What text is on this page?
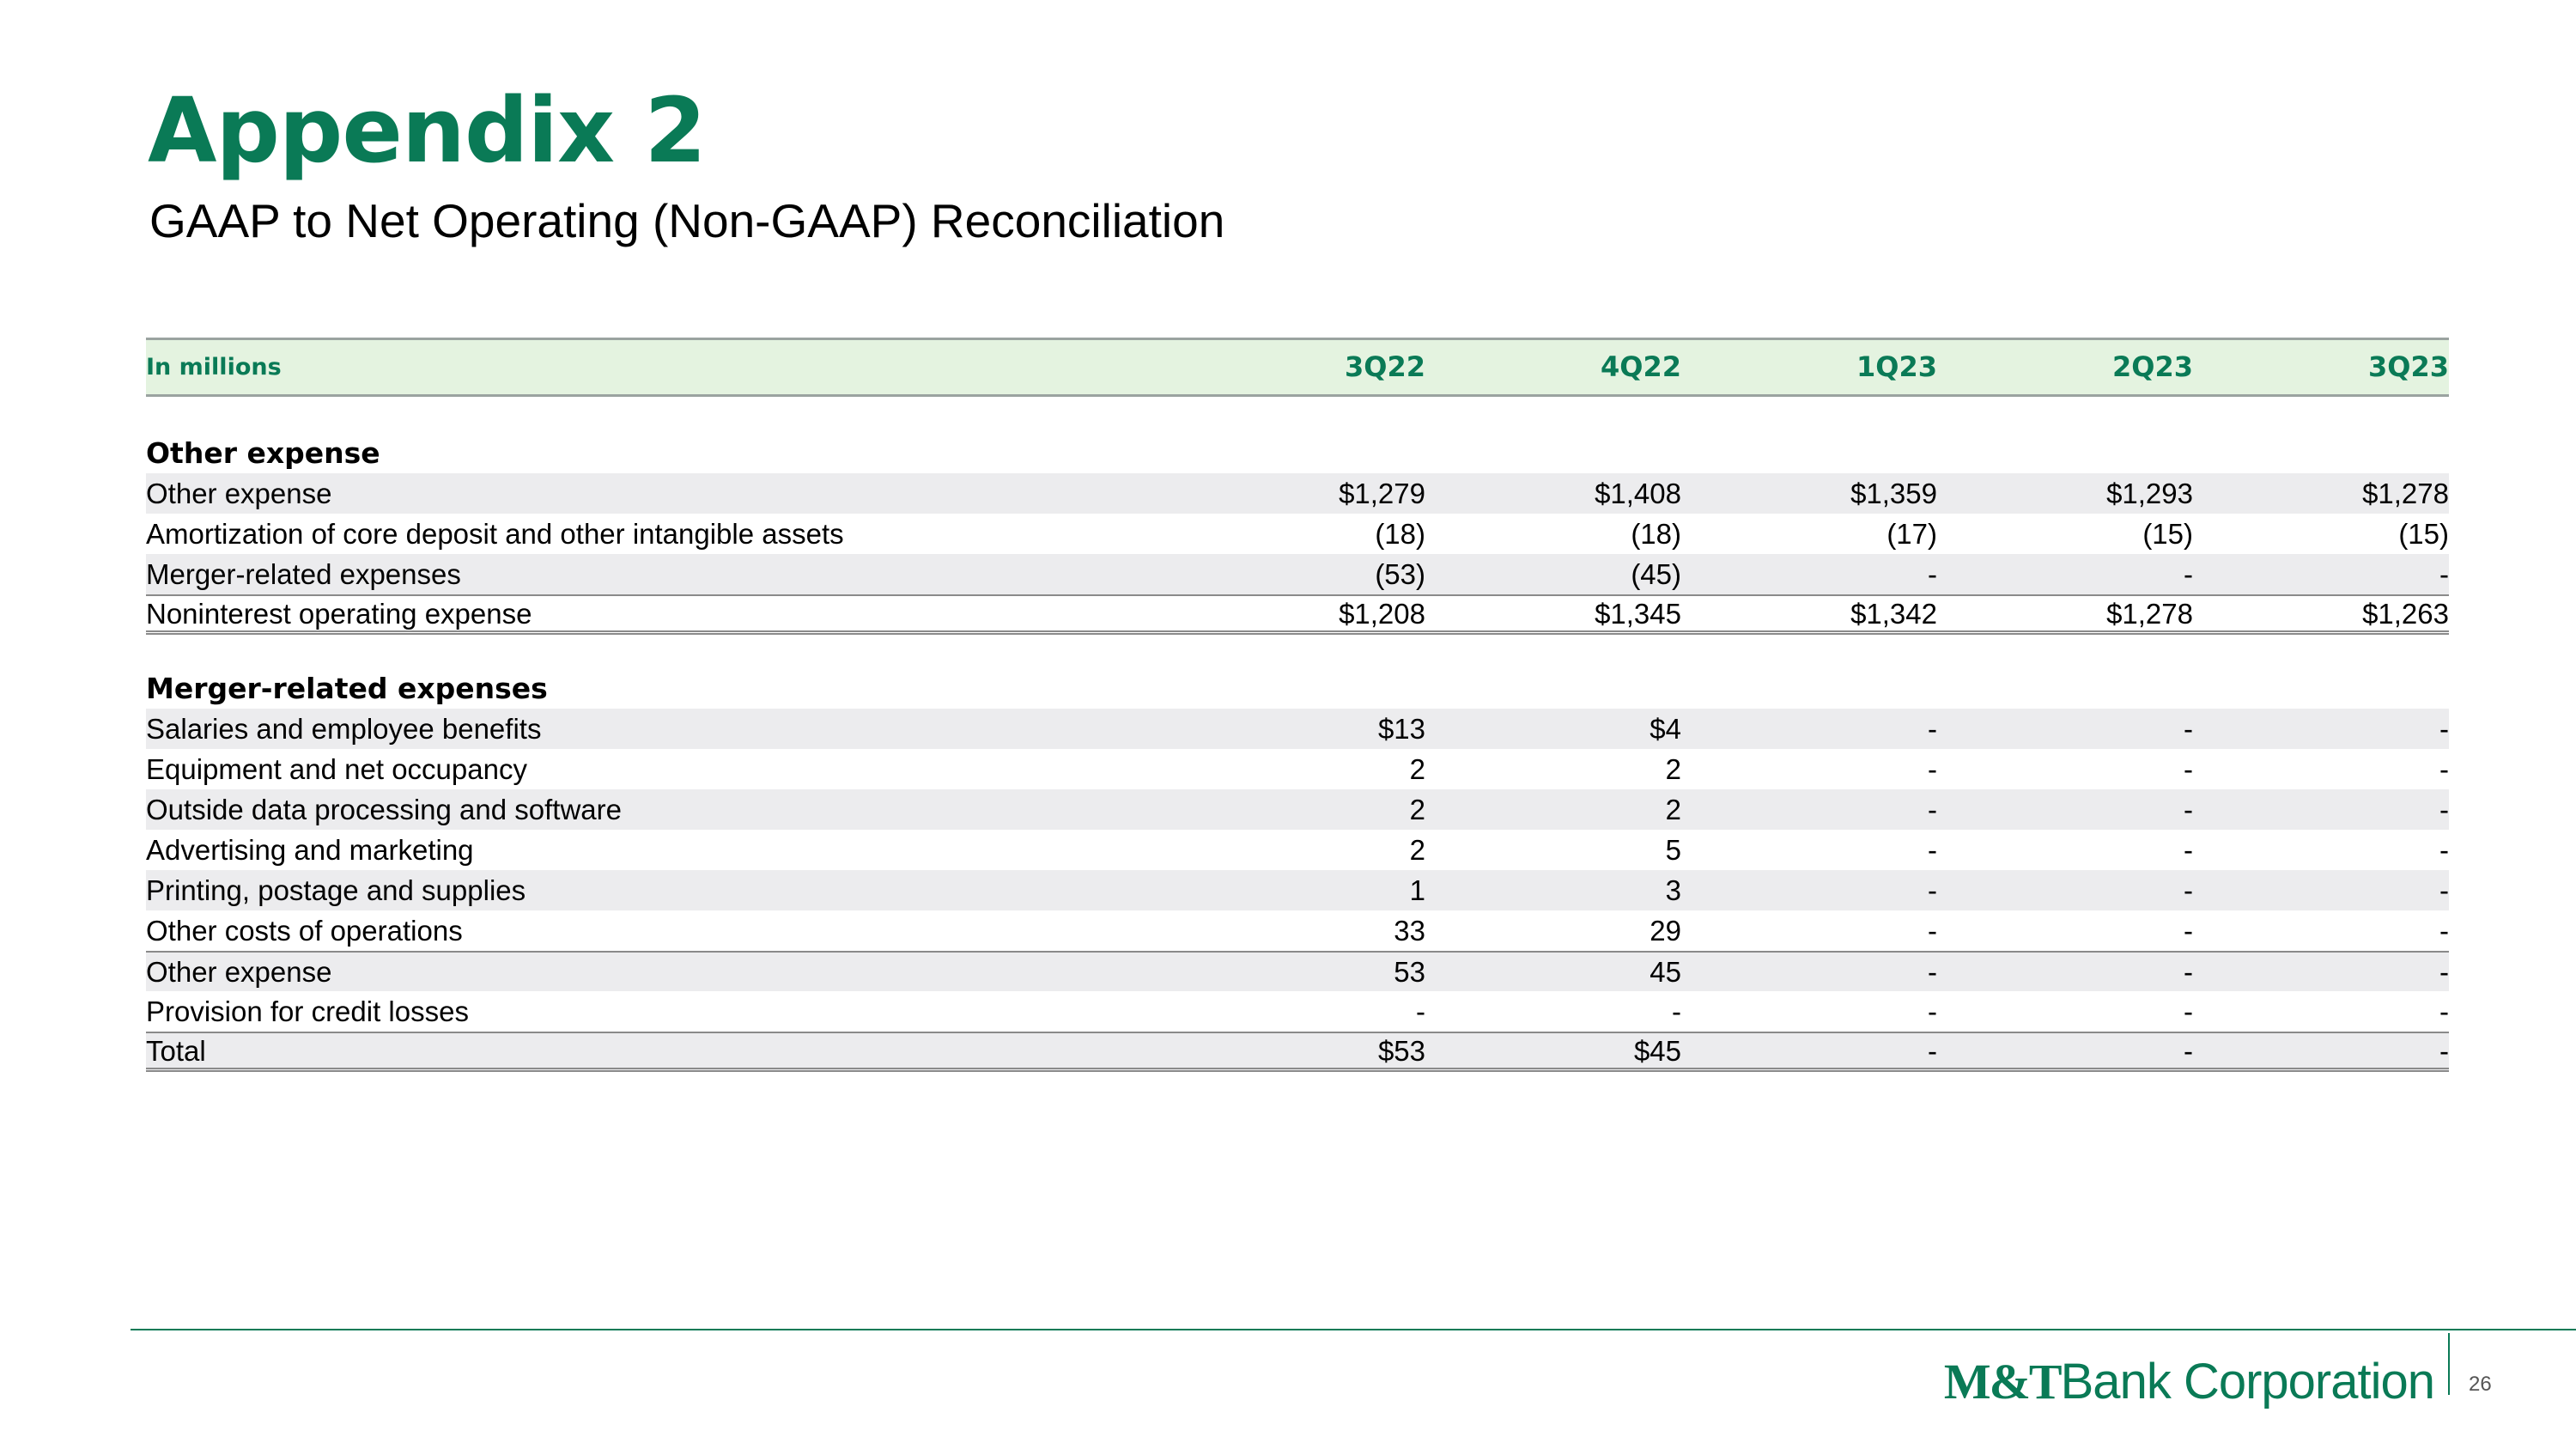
Appendix 2

GAAP to Net Operating (Non-GAAP) Reconciliation

In millions	3Q22	4Q22	1Q23	2Q23	3Q23
Other expense
Other expense	$1,279	$1,408	$1,359	$1,293	$1,278
Amortization of core deposit and other intangible assets	(18)	(18)	(17)	(15)	(15)
Merger-related expenses	(53)	(45)	-	-	-
Noninterest operating expense	$1,208	$1,345	$1,342	$1,278	$1,263
Merger-related expenses
Salaries and employee benefits	$13	$4	-	-	-
Equipment and net occupancy	2	2	-	-	-
Outside data processing and software	2	2	-	-	-
Advertising and marketing	2	5	-	-	-
Printing, postage and supplies	1	3	-	-	-
Other costs of operations	33	29	-	-	-
Other expense	53	45	-	-	-
Provision for credit losses	-	-	-	-	-
Total	$53	$45	-	-	-
M&TBank Corporation 26
